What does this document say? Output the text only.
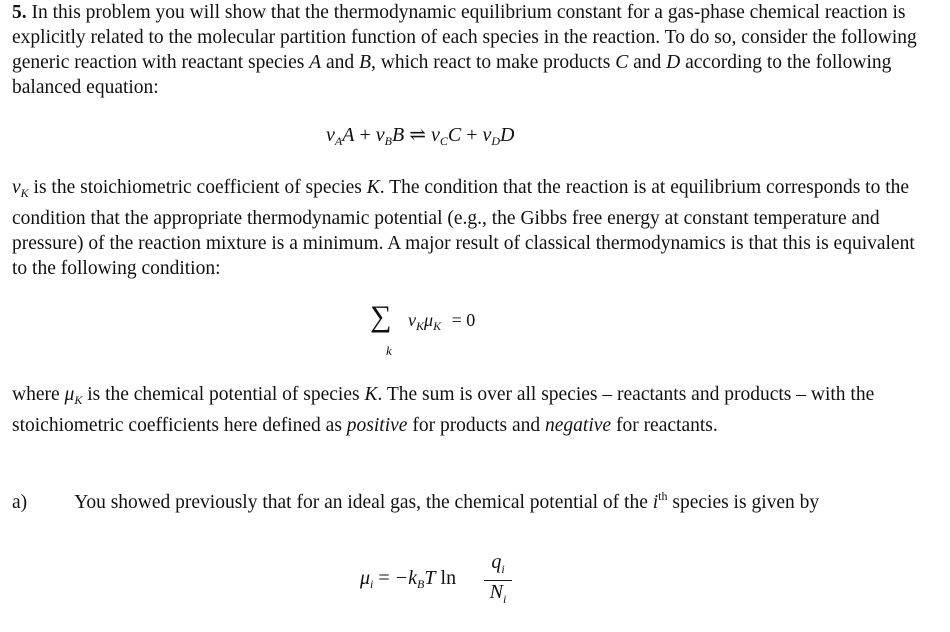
5. In this problem you will show that the thermodynamic equilibrium constant for a gas-phase chemical reaction is explicitly related to the molecular partition function of each species in the reaction. To do so, consider the following generic reaction with reactant species A and B, which react to make products C and D according to the following balanced equation:

$\nu_AA + \nu_BB$ ⇌ $\nu_CC + \nu_DD$

$\nu_K$ is the stoichiometric coefficient of species K. The condition that the reaction is at equilibrium corresponds to the condition that the appropriate thermodynamic potential (e.g., the Gibbs free energy at constant temperature and pressure) of the reaction mixture is a minimum. A major result of classical thermodynamics is that this is equivalent to the following condition:

∑
k
$\nu_K\mu_K = 0$

where $\mu_K$ is the chemical potential of species K. The sum is over all species – reactants and products – with the stoichiometric coefficients here defined as positive for products and negative for reactants.

a) You showed previously that for an ideal gas, the chemical potential of the $i^{th}$ species is given by

$\mu_i = -k_BT$ ln
$q_i$
$N_i$
